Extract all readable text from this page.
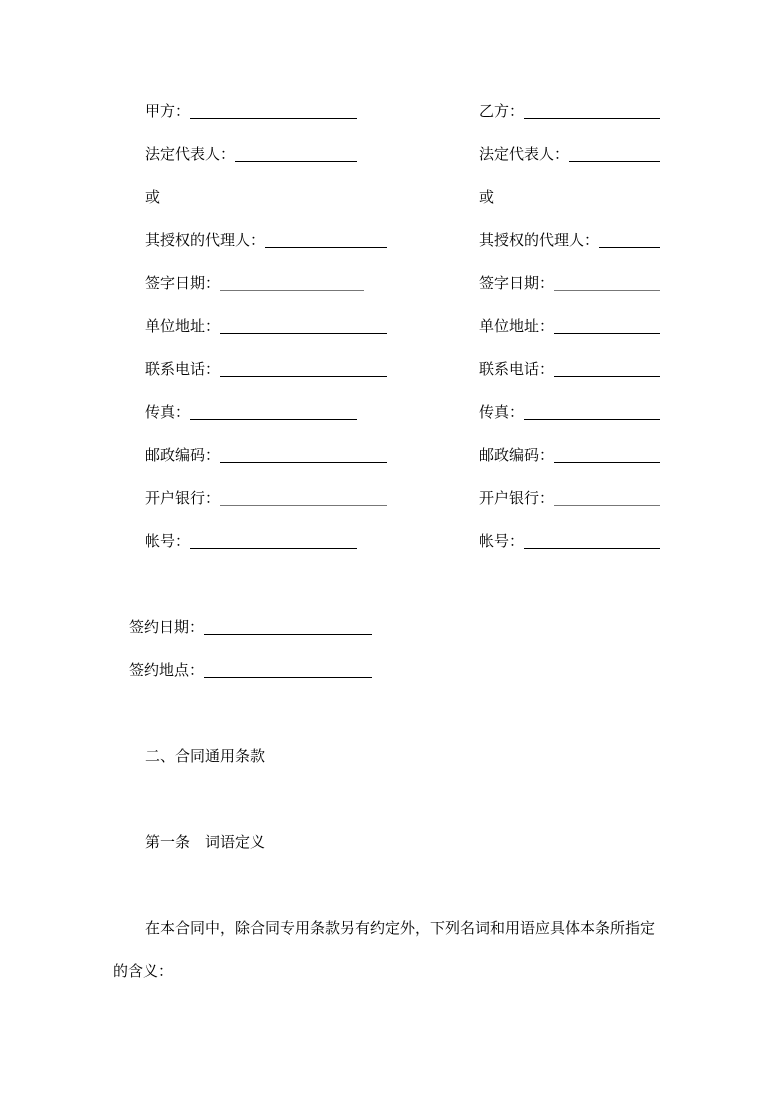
甲方：
法定代表人：
或
其授权的代理人：
签字日期：
单位地址：
联系电话：
传真：
邮政编码：
开户银行：
帐号：
乙方：
法定代表人：
或
其授权的代理人：
签字日期：
单位地址：
联系电话：
传真：
邮政编码：
开户银行：
帐号：
签约日期：
签约地点：
二、合同通用条款
第一条　词语定义
在本合同中，除合同专用条款另有约定外，下列名词和用语应具体本条所指定
的含义：
